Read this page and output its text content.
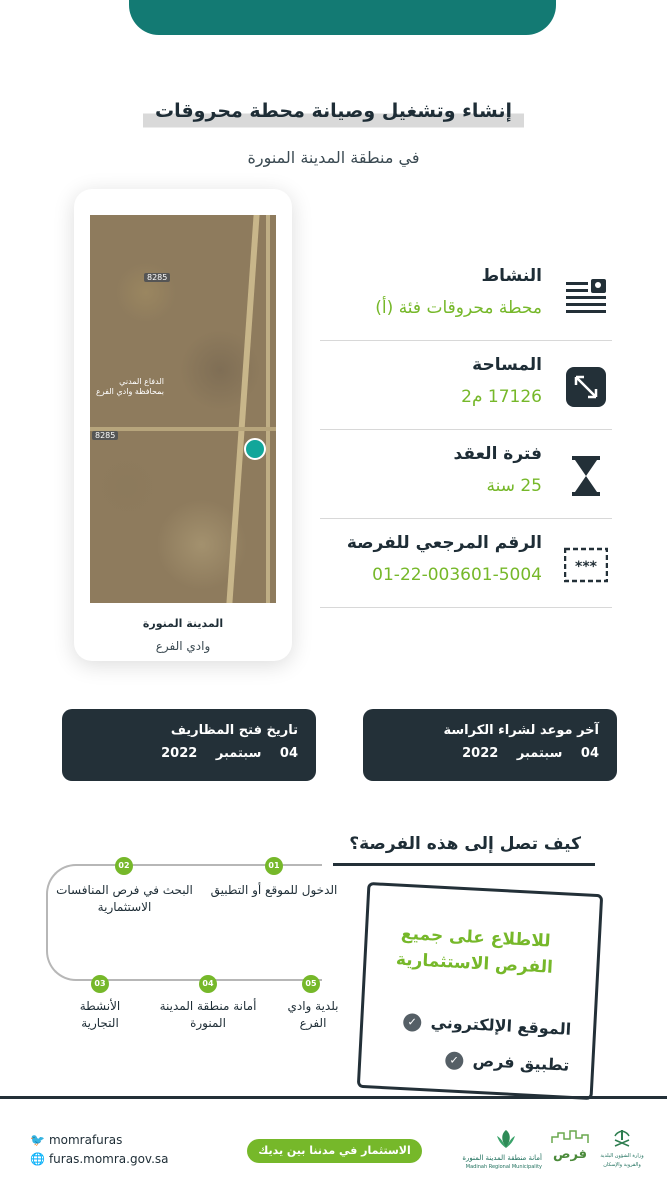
إنشاء وتشغيل وصيانة محطة محروقات
في منطقة المدينة المنورة
8285
8285
الدفاع المدني بمحافظة وادي الفرع
المدينة المنورة
وادي الفرع
النشاط
محطة محروقات فئة (أ)
المساحة
17126 م2
فترة العقد
25 سنة
الرقم المرجعي للفرصة
01-22-003601-5004 ***
آخر موعد لشراء الكراسة
04 سبتمبر 2022
تاريخ فتح المظاريف
04 سبتمبر 2022
كيف تصل إلى هذه الفرصة؟
01
الدخول للموقع أو التطبيق
02
البحث في فرص المنافسات الاستثمارية
03
الأنشطة التجارية
04
أمانة منطقة المدينة المنورة
05
بلدية وادي الفرع
للاطلاع على جميع الفرص الاستثمارية
الموقع الإلكتروني ✓
تطبيق فرص ✓
🐦 momrafuras
🌐 furas.momra.gov.sa
الاستثمار في مدننا بين يديك
أمانة منطقة المدينة المنورة
Madinah Regional Municipality
فرص	وزارة الشؤون البلدية والقروية والإسكان
